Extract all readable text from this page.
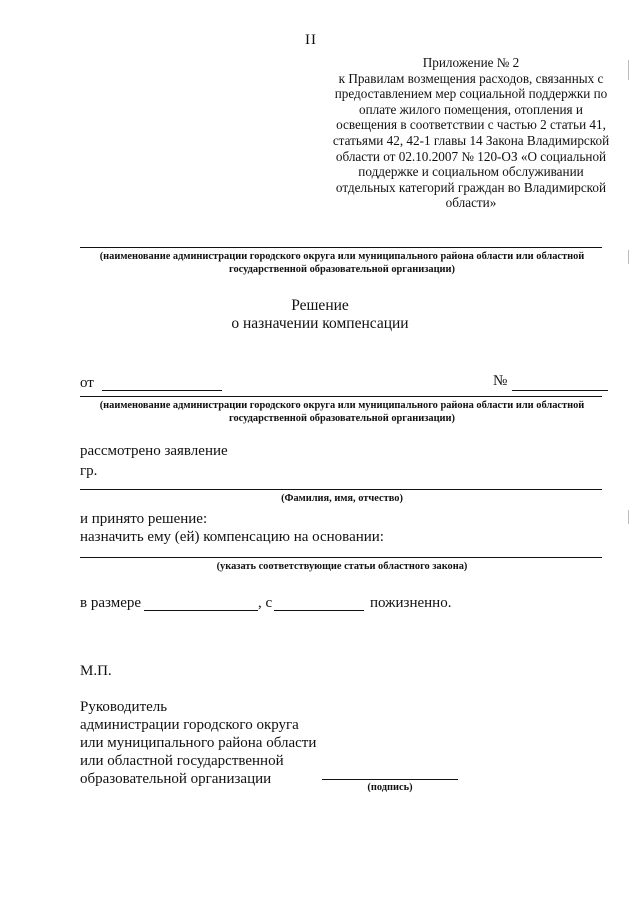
II
Приложение № 2
к Правилам возмещения расходов, связанных с предоставлением мер социальной поддержки по оплате жилого помещения, отопления и освещения в соответствии с частью 2 статьи 41, статьями 42, 42-1 главы 14 Закона Владимирской области от 02.10.2007 № 120-ОЗ «О социальной поддержке и социальном обслуживании отдельных категорий граждан во Владимирской области»
(наименование администрации городского округа или муниципального района области или областной государственной образовательной организации)
Решение
о назначении компенсации
от	№
(наименование администрации городского округа или муниципального района области или областной государственной образовательной организации)
рассмотрено заявление
гр.
(Фамилия, имя, отчество)
и принято решение:
назначить ему (ей) компенсацию на основании:
(указать соответствующие статьи областного закона)
в размере	, с	пожизненно.
М.П.
Руководитель
администрации городского округа
или муниципального района области
или областной государственной
образовательной организации
(подпись)
